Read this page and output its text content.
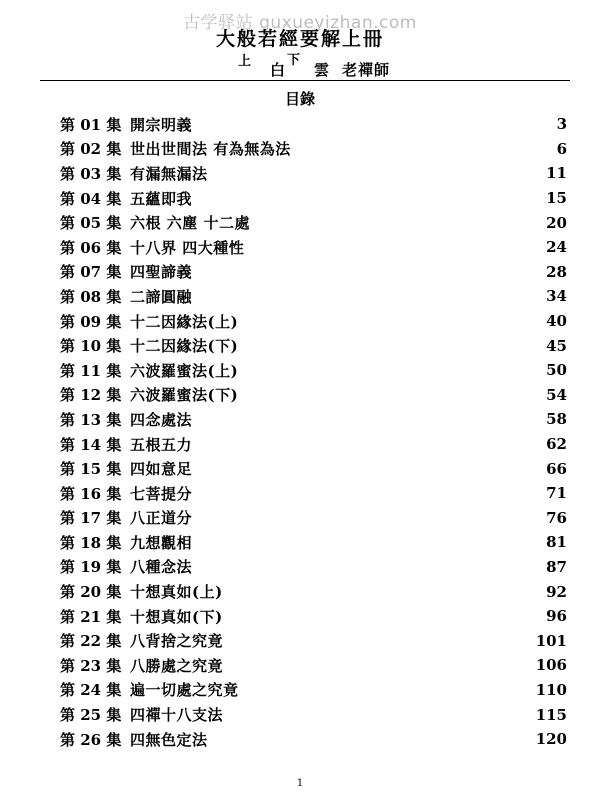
古学驿站 guxueyizhan.com
大般若經要解上冊
上 白
下
雲 老禪師
目錄
第 01 集 開宗明義	3
第 02 集 世出世間法 有為無為法	6
第 03 集 有漏無漏法	11
第 04 集 五蘊即我	15
第 05 集 六根 六塵 十二處	20
第 06 集 十八界 四大種性	24
第 07 集 四聖諦義	28
第 08 集 二諦圓融	34
第 09 集 十二因緣法(上)	40
第 10 集 十二因緣法(下)	45
第 11 集 六波羅蜜法(上)	50
第 12 集 六波羅蜜法(下)	54
第 13 集 四念處法	58
第 14 集 五根五力	62
第 15 集 四如意足	66
第 16 集 七菩提分	71
第 17 集 八正道分	76
第 18 集 九想觀相	81
第 19 集 八種念法	87
第 20 集 十想真如(上)	92
第 21 集 十想真如(下)	96
第 22 集 八背捨之究竟	101
第 23 集 八勝處之究竟	106
第 24 集 遍一切處之究竟	110
第 25 集 四禪十八支法	115
第 26 集 四無色定法	120
1
